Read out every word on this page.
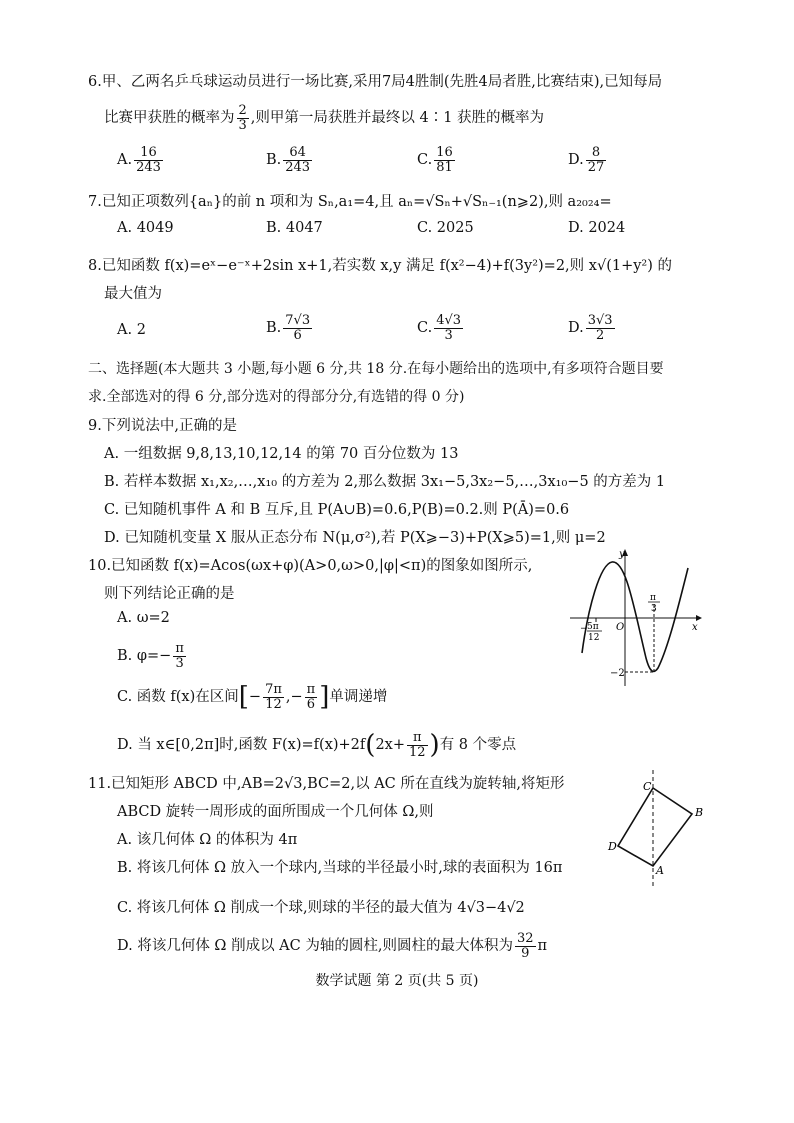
6.甲、乙两名乒乓球运动员进行一场比赛,采用7局4胜制(先胜4局者胜,比赛结束),已知每局
比赛甲获胜的概率为 $\frac{2}{3}$ ,则甲第一局获胜并最终以 4∶1 获胜的概率为
A. $\frac{16}{243}$	B. $\frac{64}{243}$	C. $\frac{16}{81}$	D. $\frac{8}{27}$
7.已知正项数列{aₙ}的前 n 项和为 Sₙ,a₁=4,且 aₙ=√Sₙ+√Sₙ₋₁(n⩾2),则 a₂₀₂₄=
A. 4049	B. 4047	C. 2025	D. 2024
8.已知函数 f(x)=eˣ−e⁻ˣ+2sin x+1,若实数 x,y 满足 f(x²−4)+f(3y²)=2,则 x√(1+y²) 的
最大值为
A. 2	B. $\frac{7√3}{6}$	C. $\frac{4√3}{3}$	D. $\frac{3√3}{2}$
二、选择题(本大题共 3 小题,每小题 6 分,共 18 分.在每小题给出的选项中,有多项符合题目要
求.全部选对的得 6 分,部分选对的得部分分,有选错的得 0 分)
9.下列说法中,正确的是
A. 一组数据 9,8,13,10,12,14 的第 70 百分位数为 13
B. 若样本数据 x₁,x₂,…,x₁₀ 的方差为 2,那么数据 3x₁−5,3x₂−5,…,3x₁₀−5 的方差为 1
C. 已知随机事件 A 和 B 互斥,且 P(A∪B)=0.6,P(B)=0.2.则 P(Ā)=0.6
D. 已知随机变量 X 服从正态分布 N(μ,σ²),若 P(X⩾−3)+P(X⩾5)=1,则 μ=2
10.已知函数 f(x)=Acos(ωx+φ)(A>0,ω>0,|φ|<π)的图象如图所示,
则下列结论正确的是
A. ω=2
B. $\varphi=- \frac{\pi}{3}$
C. 函数 f(x)在区间[− $\frac{7\pi}{12}$ ,− $\frac{\pi}{6}$ ]单调递增
D. 当 x∈[0,2π]时,函数 $F(x)=f(x)+2f(2x+ \frac{\pi}{12}$ )有 8 个零点
y
x
O
− 5π
12
π
3
−2
11.已知矩形 ABCD 中,AB=2√3,BC=2,以 AC 所在直线为旋转轴,将矩形
ABCD 旋转一周形成的面所围成一个几何体 Ω,则
A. 该几何体 Ω 的体积为 4π
B. 将该几何体 Ω 放入一个球内,当球的半径最小时,球的表面积为 16π
C. 将该几何体 Ω 削成一个球,则球的半径的最大值为 4√3−4√2
D. 将该几何体 Ω 削成以 AC 为轴的圆柱,则圆柱的最大体积为 $\frac{32}{9}$ π
C
B
D
A
数学试题 第 2 页(共 5 页)
